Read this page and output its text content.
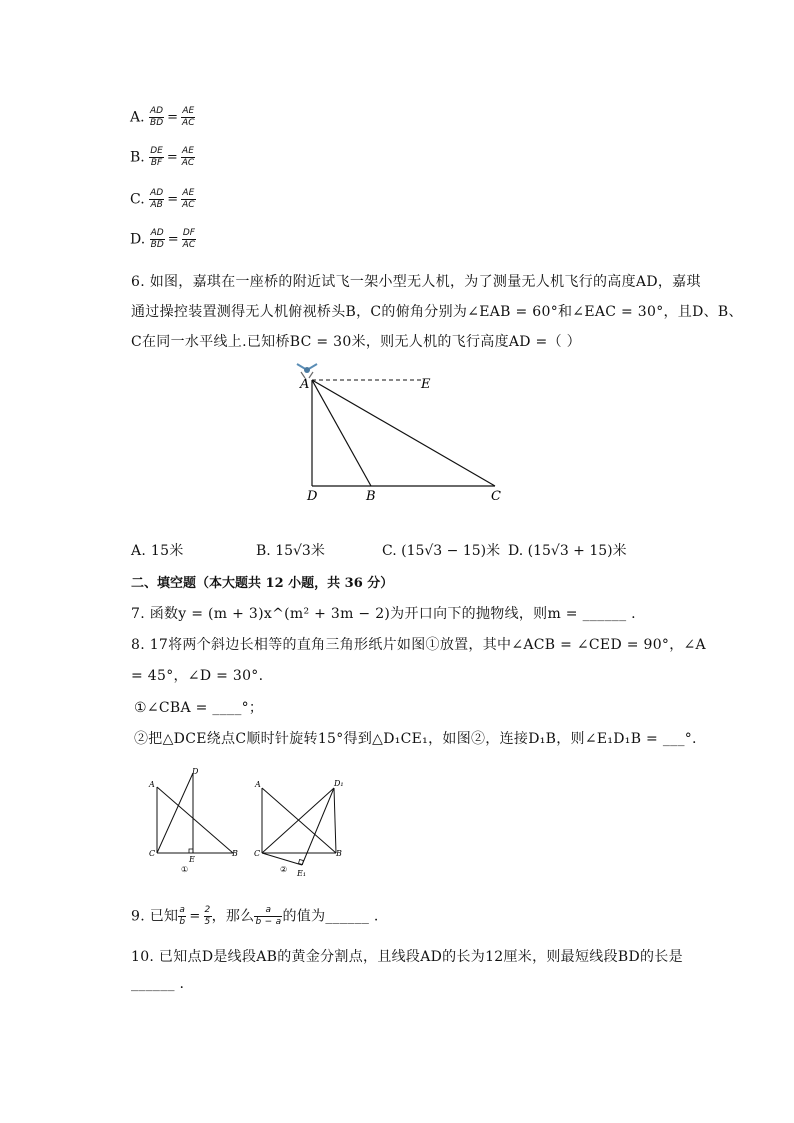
A. $\frac{AD}{BD} = \frac{AE}{AC}$
B. $\frac{DE}{BF} = \frac{AE}{AC}$
C. $\frac{AD}{AB} = \frac{AE}{AC}$
D. $\frac{AD}{BD} = \frac{DF}{AC}$
6. 如图，嘉琪在一座桥的附近试飞一架小型无人机，为了测量无人机飞行的高度AD，嘉琪
通过操控装置测得无人机俯视桥头B，C的俯角分别为∠EAB = 60°和∠EAC = 30°，且D、B、
C在同一水平线上.已知桥BC = 30米，则无人机的飞行高度AD =（ ）
A	E
D	B	C
A. 15米	B. 15√3米	C. (15√3 − 15)米 D. (15√3 + 15)米
二、填空题（本大题共 12 小题，共 36 分）
7. 函数y = (m + 3)x^(m² + 3m − 2)为开口向下的抛物线，则m = ______ .
8. 17将两个斜边长相等的直角三角形纸片如图①放置，其中∠ACB = ∠CED = 90°，∠A
= 45°，∠D = 30°.
①∠CBA = ____°；
②把△DCE绕点C顺时针旋转15°得到△D₁CE₁，如图②，连接D₁B，则∠E₁D₁B = ___°.
A
D
C
E
B
①
A	D₁
C	B
E₁
②
9. 已知 $\frac{a}{b} = \frac{2}{5}$ ，那么 $\frac{a}{b - a}$ 的值为______ .
10. 已知点D是线段AB的黄金分割点，且线段AD的长为12厘米，则最短线段BD的长是
______ .
